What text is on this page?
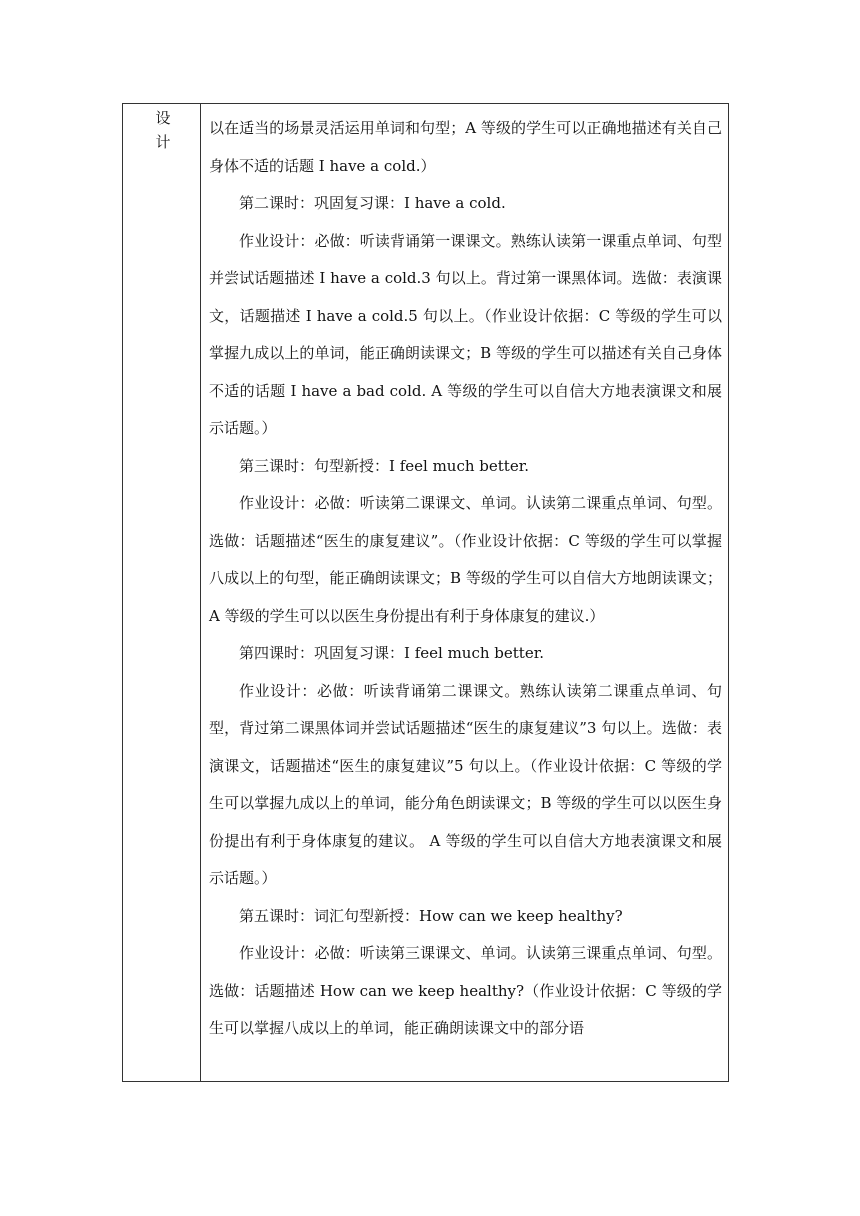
设
计

以在适当的场景灵活运用单词和句型；A 等级的学生可以正确地描述有关自己身体不适的话题 I have a cold.）

第二课时：巩固复习课：I have a cold.

作业设计：必做：听读背诵第一课课文。熟练认读第一课重点单词、句型并尝试话题描述 I have a cold.3 句以上。背过第一课黑体词。选做：表演课文，话题描述 I have a cold.5 句以上。（作业设计依据：C 等级的学生可以掌握九成以上的单词，能正确朗读课文；B 等级的学生可以描述有关自己身体不适的话题 I have a bad cold. A 等级的学生可以自信大方地表演课文和展示话题。）

第三课时：句型新授：I feel much better.

作业设计：必做：听读第二课课文、单词。认读第二课重点单词、句型。选做：话题描述“医生的康复建议”。（作业设计依据：C 等级的学生可以掌握八成以上的句型，能正确朗读课文；B 等级的学生可以自信大方地朗读课文；A 等级的学生可以以医生身份提出有利于身体康复的建议.）

第四课时：巩固复习课：I feel much better.

作业设计：必做：听读背诵第二课课文。熟练认读第二课重点单词、句型，背过第二课黑体词并尝试话题描述“医生的康复建议”3 句以上。选做：表演课文，话题描述“医生的康复建议”5 句以上。（作业设计依据：C 等级的学生可以掌握九成以上的单词，能分角色朗读课文；B 等级的学生可以以医生身份提出有利于身体康复的建议。 A 等级的学生可以自信大方地表演课文和展示话题。）

第五课时：词汇句型新授：How can we keep healthy?

作业设计：必做：听读第三课课文、单词。认读第三课重点单词、句型。选做：话题描述 How can we keep healthy?（作业设计依据：C 等级的学生可以掌握八成以上的单词，能正确朗读课文中的部分语
